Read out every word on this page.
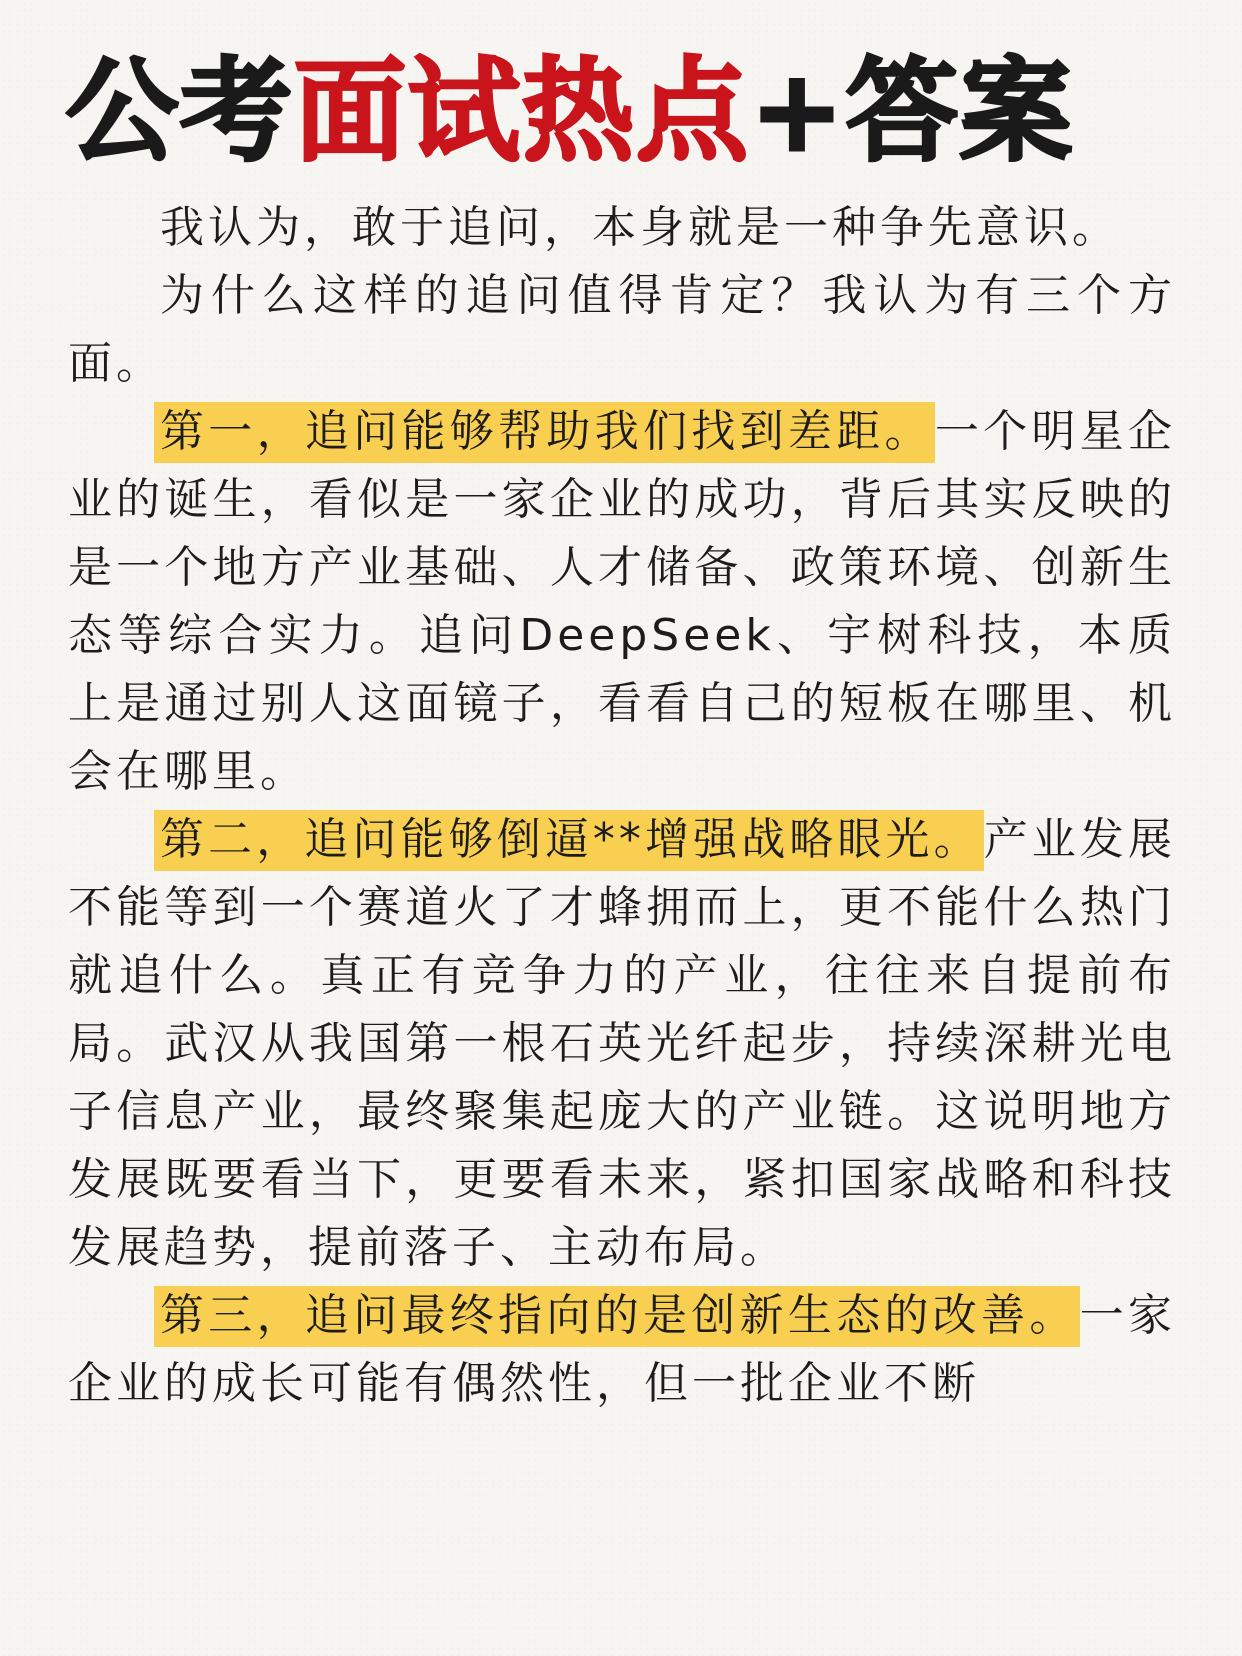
公考面试热点+答案

我认为，敢于追问，本身就是一种争先意识。

为什么这样的追问值得肯定？我认为有三个方面。

第一，追问能够帮助我们找到差距。一个明星企业的诞生，看似是一家企业的成功，背后其实反映的是一个地方产业基础、人才储备、政策环境、创新生态等综合实力。追问DeepSeek、宇树科技，本质上是通过别人这面镜子，看看自己的短板在哪里、机会在哪里。

第二，追问能够倒逼**增强战略眼光。产业发展不能等到一个赛道火了才蜂拥而上，更不能什么热门就追什么。真正有竞争力的产业，往往来自提前布局。武汉从我国第一根石英光纤起步，持续深耕光电子信息产业，最终聚集起庞大的产业链。这说明地方发展既要看当下，更要看未来，紧扣国家战略和科技发展趋势，提前落子、主动布局。

第三，追问最终指向的是创新生态的改善。一家企业的成长可能有偶然性，但一批企业不断
